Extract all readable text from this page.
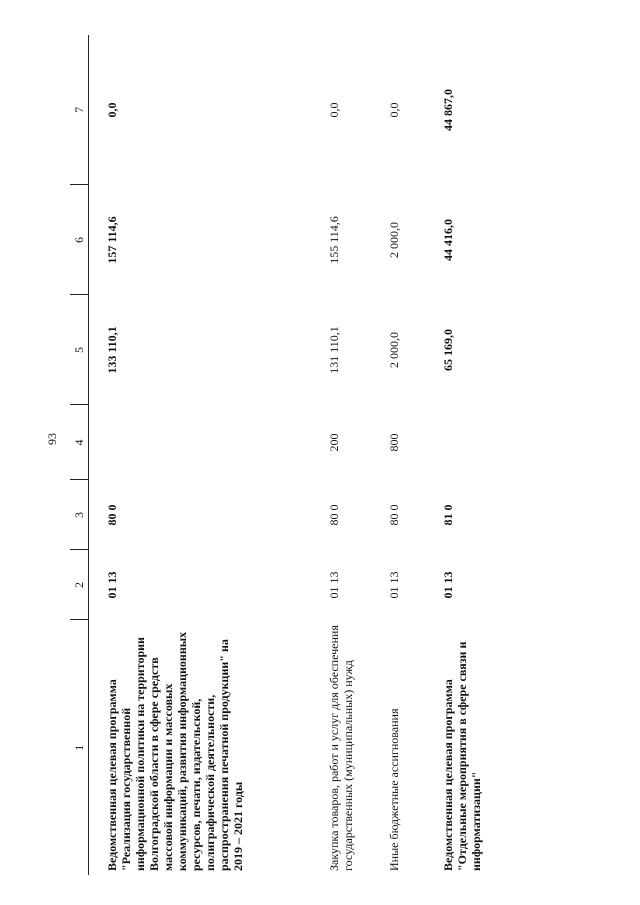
93
1	2	3	4	5	6	7
Ведомственная целевая программа "Реализация государственной информационной политики на территории Волгоградской области в сфере средств массовой информации и массовых коммуникаций, развития информационных ресурсов, печати, издательской, полиграфической деятельности, распространения печатной продукции" на 2019 – 2021 годы	01 13	80 0		133 110,1	157 114,6	0,0
Закупка товаров, работ и услуг для обеспечения государственных (муниципальных) нужд	01 13	80 0	200	131 110,1	155 114,6	0,0
Иные бюджетные ассигнования	01 13	80 0	800	2 000,0	2 000,0	0,0
Ведомственная целевая программа "Отдельные мероприятия в сфере связи и информатизации"	01 13	81 0		65 169,0	44 416,0	44 867,0
